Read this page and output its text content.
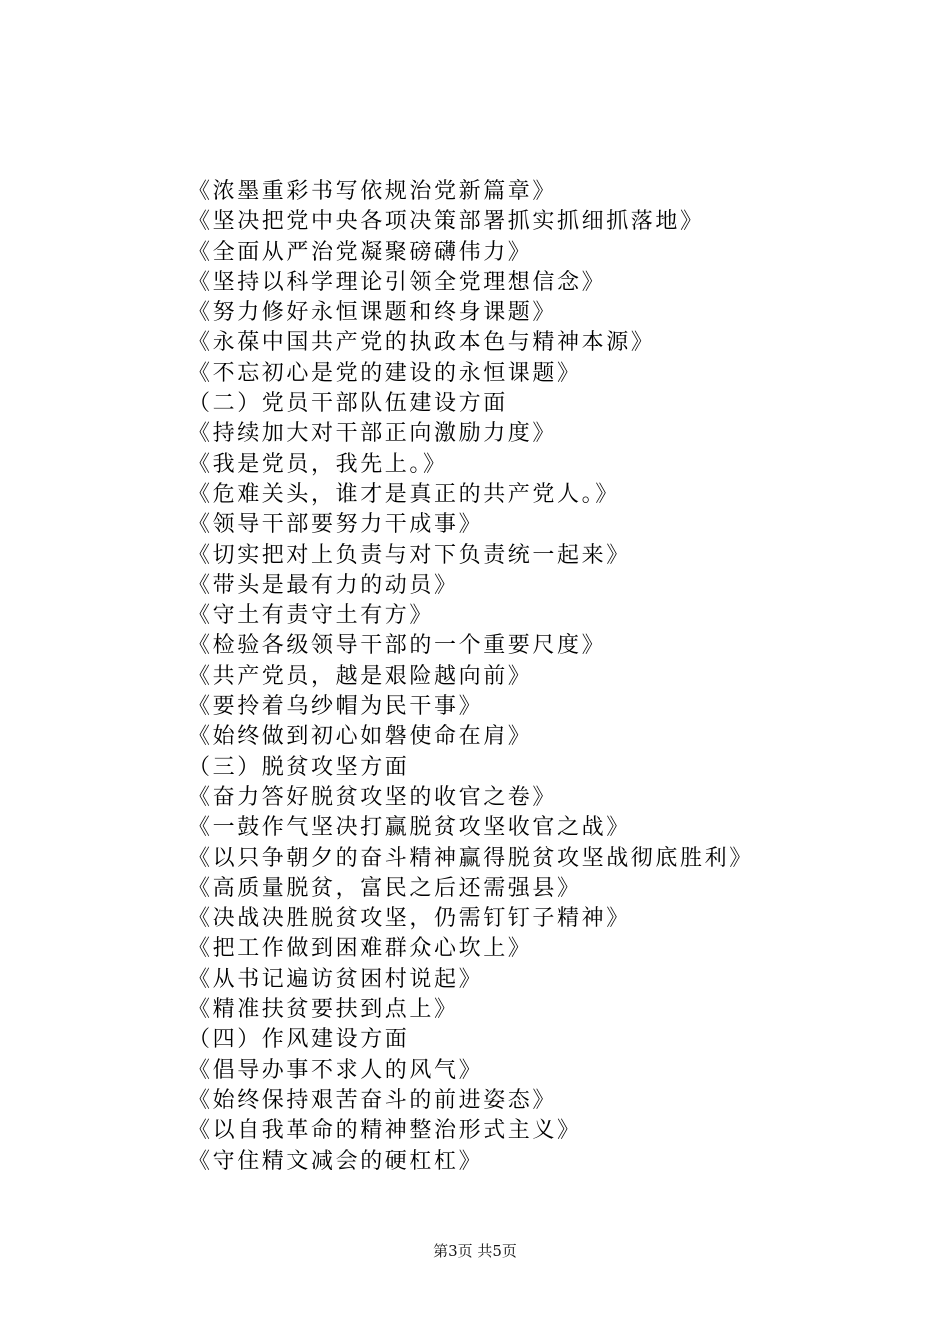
《浓墨重彩书写依规治党新篇章》
《坚决把党中央各项决策部署抓实抓细抓落地》
《全面从严治党凝聚磅礴伟力》
《坚持以科学理论引领全党理想信念》
《努力修好永恒课题和终身课题》
《永葆中国共产党的执政本色与精神本源》
《不忘初心是党的建设的永恒课题》
（二）党员干部队伍建设方面
《持续加大对干部正向激励力度》
《我是党员，我先上。》
《危难关头，谁才是真正的共产党人。》
《领导干部要努力干成事》
《切实把对上负责与对下负责统一起来》
《带头是最有力的动员》
《守土有责守土有方》
《检验各级领导干部的一个重要尺度》
《共产党员，越是艰险越向前》
《要拎着乌纱帽为民干事》
《始终做到初心如磐使命在肩》
（三）脱贫攻坚方面
《奋力答好脱贫攻坚的收官之卷》
《一鼓作气坚决打赢脱贫攻坚收官之战》
《以只争朝夕的奋斗精神赢得脱贫攻坚战彻底胜利》
《高质量脱贫，富民之后还需强县》
《决战决胜脱贫攻坚，仍需钉钉子精神》
《把工作做到困难群众心坎上》
《从书记遍访贫困村说起》
《精准扶贫要扶到点上》
（四）作风建设方面
《倡导办事不求人的风气》
《始终保持艰苦奋斗的前进姿态》
《以自我革命的精神整治形式主义》
《守住精文减会的硬杠杠》
第3页 共5页
